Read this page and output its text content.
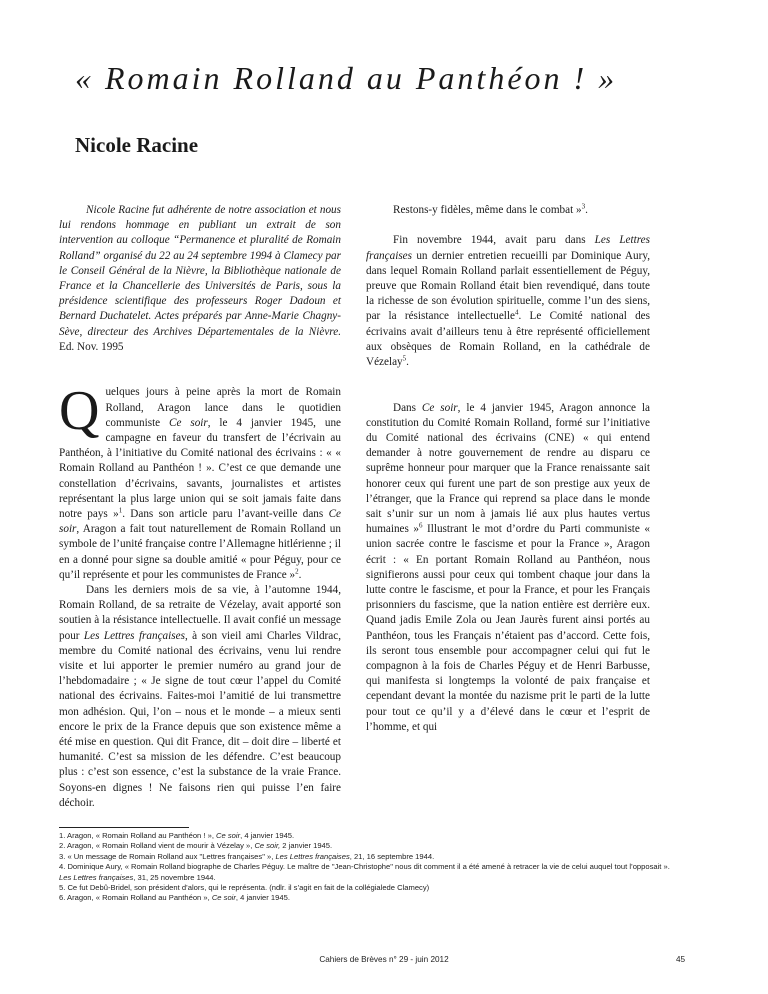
« Romain Rolland au Panthéon ! »
Nicole Racine

Nicole Racine fut adhérente de notre association et nous lui rendons hommage en publiant un extrait de son intervention au colloque “Permanence et pluralité de Romain Rolland” organisé du 22 au 24 septembre 1994 à Clamecy par le Conseil Général de la Nièvre, la Bibliothèque nationale de France et la Chancellerie des Universités de Paris, sous la présidence scientifique des professeurs Roger Dadoun et Bernard Duchatelet. Actes préparés par Anne-Marie Chagny-Sève, directeur des Archives Départementales de la Nièvre. Ed. Nov. 1995

Quelques jours à peine après la mort de Romain Rolland, Aragon lance dans le quotidien communiste Ce soir, le 4 janvier 1945, une campagne en faveur du transfert de l’écrivain au Panthéon, à l’initiative du Comité national des écrivains : « « Romain Rolland au Panthéon ! ». C’est ce que demande une constellation d’écrivains, savants, journalistes et artistes représentant la plus large union qui se soit jamais faite dans notre pays »$^1$. Dans son article paru l’avant-veille dans Ce soir, Aragon a fait tout naturellement de Romain Rolland un symbole de l’unité française contre l’Allemagne hitlérienne ; il en a donné pour signe sa double amitié « pour Péguy, pour ce qu’il représente et pour les communistes de France »$^2$.

Dans les derniers mois de sa vie, à l’automne 1944, Romain Rolland, de sa retraite de Vézelay, avait apporté son soutien à la résistance intellectuelle. Il avait confié un message pour Les Lettres françaises, à son vieil ami Charles Vildrac, membre du Comité national des écrivains, venu lui rendre visite et lui apporter le premier numéro au grand jour de l’hebdomadaire ; « Je signe de tout cœur l’appel du Comité national des écrivains. Faites-moi l’amitié de lui transmettre mon adhésion. Qui, l’on – nous et le monde – a mieux senti encore le prix de la France depuis que son existence même a été mise en question. Qui dit France, dit – doit dire – liberté et humanité. C’est sa mission de les défendre. C’est beaucoup plus : c’est son essence, c’est la substance de la vraie France. Soyons-en dignes ! Ne faisons rien qui puisse l’en faire déchoir.

Restons-y fidèles, même dans le combat »$^3$.

Fin novembre 1944, avait paru dans Les Lettres françaises un dernier entretien recueilli par Dominique Aury, dans lequel Romain Rolland parlait essentiellement de Péguy, preuve que Romain Rolland était bien revendiqué, dans toute la richesse de son évolution spirituelle, comme l’un des siens, par la résistance intellectuelle$^4$. Le Comité national des écrivains avait d’ailleurs tenu à être représenté officiellement aux obsèques de Romain Rolland, en la cathédrale de Vézelay$^5$.

Dans Ce soir, le 4 janvier 1945, Aragon annonce la constitution du Comité Romain Rolland, formé sur l’initiative du Comité national des écrivains (CNE) « qui entend demander à notre gouvernement de rendre au disparu ce suprême honneur pour marquer que la France renaissante sait honorer ceux qui furent une part de son prestige aux yeux de l’étranger, que la France qui reprend sa place dans le monde sait s’unir sur un nom à jamais lié aux plus hautes vertus humaines »$^6$ Illustrant le mot d’ordre du Parti communiste « union sacrée contre le fascisme et pour la France », Aragon écrit : « En portant Romain Rolland au Panthéon, nous signifierons aussi pour ceux qui tombent chaque jour dans la lutte contre le fascisme, et pour la France, et pour les Français prisonniers du fascisme, que la nation entière est derrière eux. Quand jadis Emile Zola ou Jean Jaurès furent ainsi portés au Panthéon, tous les Français n’étaient pas d’accord. Cette fois, ils seront tous ensemble pour accompagner celui qui fut le compagnon à la fois de Charles Péguy et de Henri Barbusse, qui manifesta si longtemps la volonté de paix française et cependant devant la montée du nazisme prit le parti de la lutte pour tout ce qu’il y a d’élevé dans le cœur et l’esprit de l’homme, et qui

1. Aragon, « Romain Rolland au Panthéon ! », Ce soir, 4 janvier 1945.
2. Aragon, « Romain Rolland vient de mourir à Vézelay », Ce soir, 2 janvier 1945.
3. « Un message de Romain Rolland aux "Lettres françaises" », Les Lettres françaises, 21, 16 septembre 1944.
4. Dominique Aury, « Romain Rolland biographe de Charles Péguy. Le maître de "Jean-Christophe" nous dit comment il a été amené à retracer la vie de celui auquel tout l’opposait ». Les Lettres françaises, 31, 25 novembre 1944.
5. Ce fut Debû-Bridel, son président d’alors, qui le représenta. (ndlr. il s’agit en fait de la collégialede Clamecy)
6. Aragon, « Romain Rolland au Panthéon », Ce soir, 4 janvier 1945.
Cahiers de Brèves n° 29 - juin 2012	45
